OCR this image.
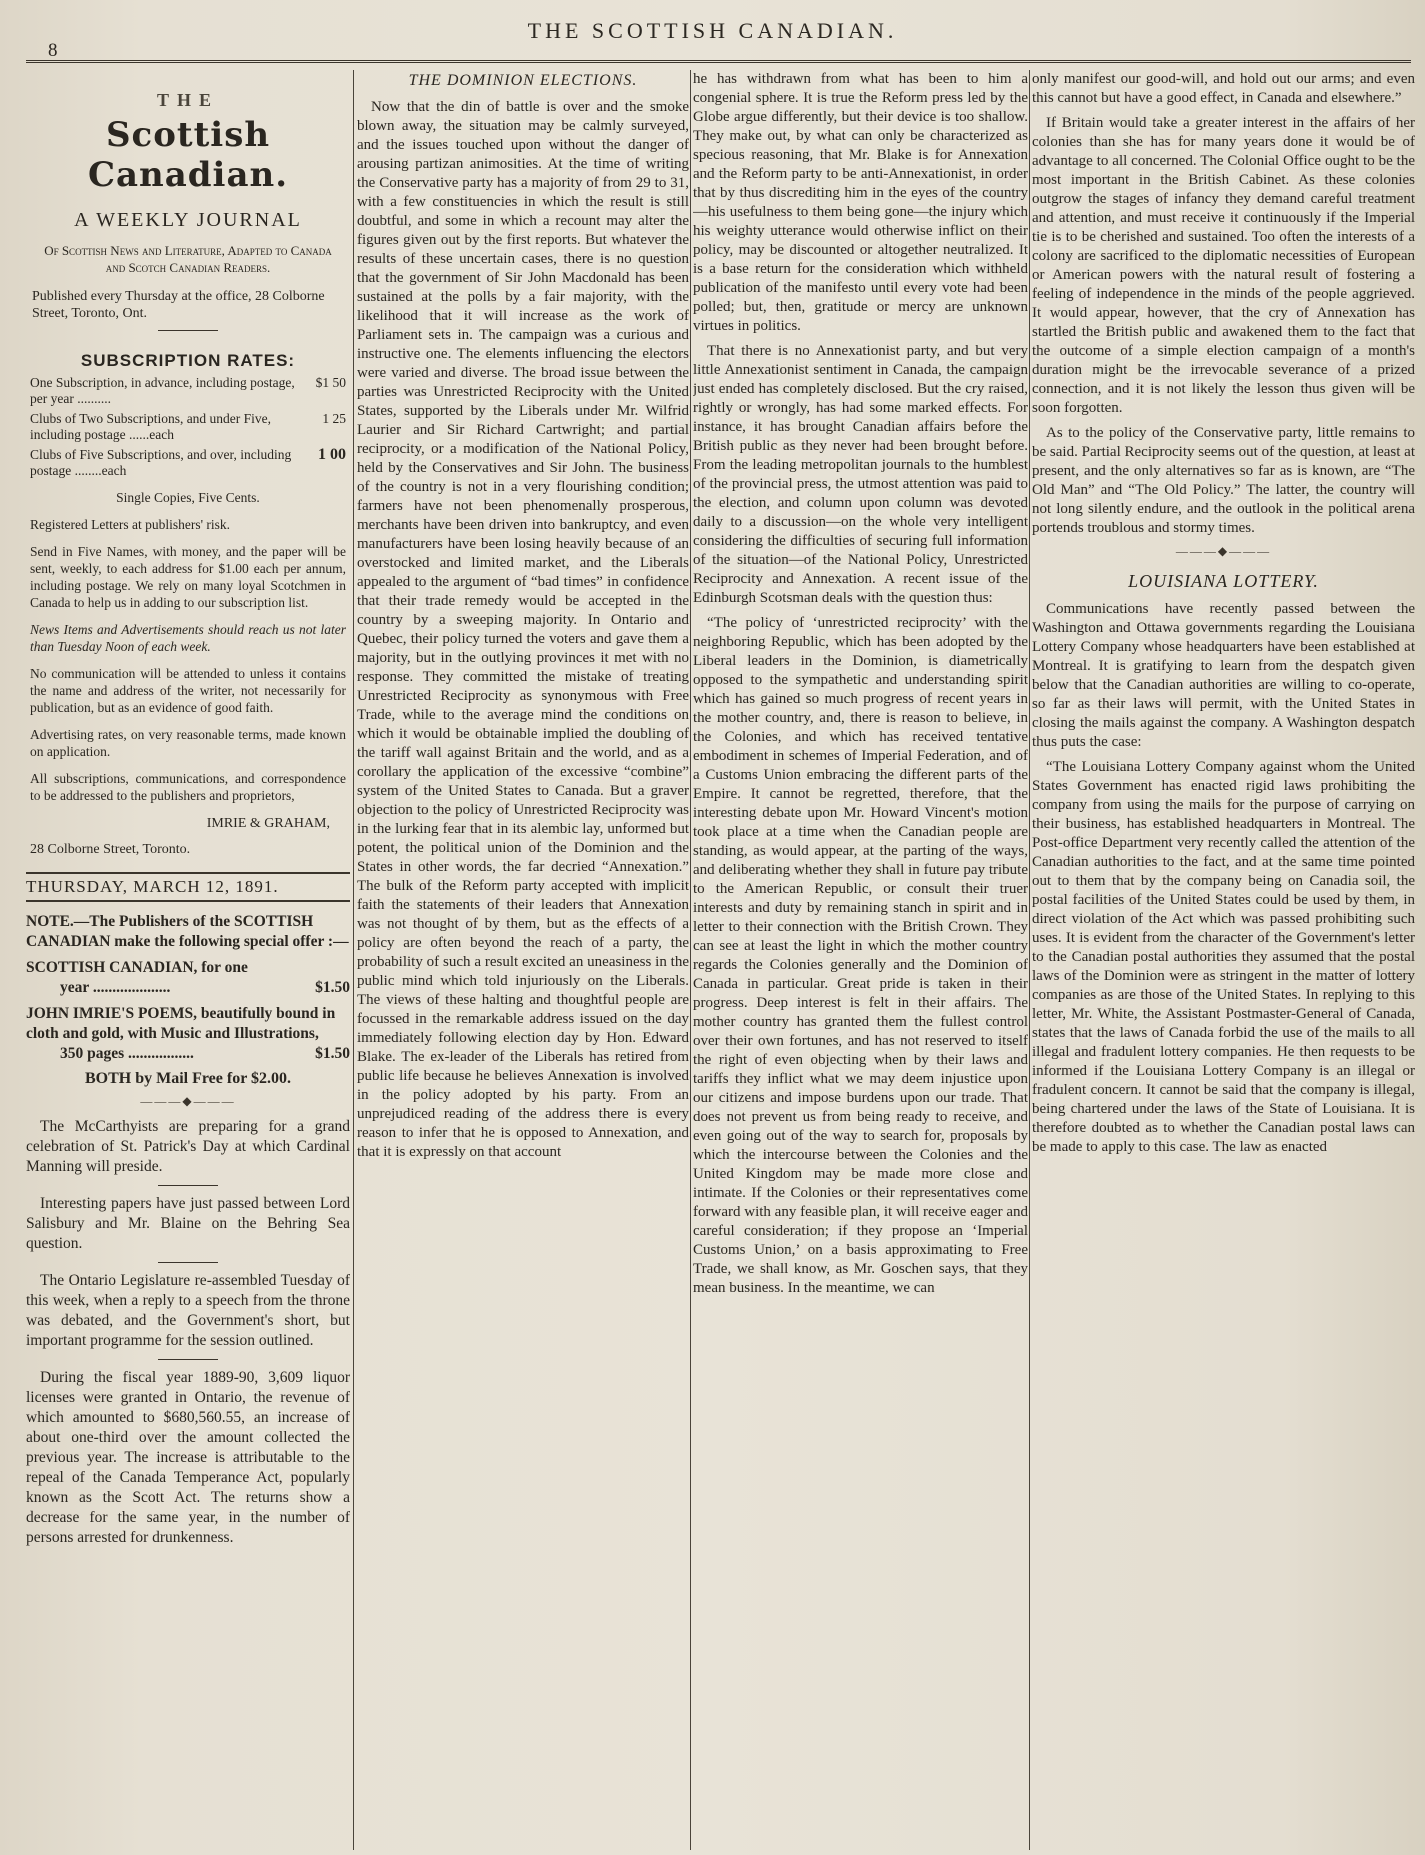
THE SCOTTISH CANADIAN.
8
THE
Scottish Canadian.
A WEEKLY JOURNAL
Of Scottish News and Literature, Adapted to Canada and Scotch Canadian Readers.
Published every Thursday at the office, 28 Colborne Street, Toronto, Ont.
SUBSCRIPTION RATES:
One Subscription, in advance, including postage, per year ..........
$1 50
Clubs of Two Subscriptions, and under Five, including postage ......each
1 25
Clubs of Five Subscriptions, and over, including postage ........each
1 00
Single Copies, Five Cents.
Registered Letters at publishers' risk.
Send in Five Names, with money, and the paper will be sent, weekly, to each address for $1.00 each per annum, including postage. We rely on many loyal Scotchmen in Canada to help us in adding to our subscription list.
News Items and Advertisements should reach us not later than Tuesday Noon of each week.
No communication will be attended to unless it contains the name and address of the writer, not necessarily for publication, but as an evidence of good faith.
Advertising rates, on very reasonable terms, made known on application.
All subscriptions, communications, and correspondence to be addressed to the publishers and proprietors,
IMRIE & GRAHAM,
28 Colborne Street, Toronto.
THURSDAY, MARCH 12, 1891.
NOTE.—The Publishers of the SCOTTISH CANADIAN make the following special offer :—
SCOTTISH CANADIAN, for one
year ....................	$1.50
JOHN IMRIE'S POEMS, beautifully bound in cloth and gold, with Music and Illustrations,
350 pages .................	$1.50
BOTH by Mail Free for $2.00.
———◆———
The McCarthyists are preparing for a grand celebration of St. Patrick's Day at which Cardinal Manning will preside.
Interesting papers have just passed between Lord Salisbury and Mr. Blaine on the Behring Sea question.
The Ontario Legislature re-assembled Tuesday of this week, when a reply to a speech from the throne was debated, and the Government's short, but important programme for the session outlined.
During the fiscal year 1889-90, 3,609 liquor licenses were granted in Ontario, the revenue of which amounted to $680,560.55, an increase of about one-third over the amount collected the previous year. The increase is attributable to the repeal of the Canada Temperance Act, popularly known as the Scott Act. The returns show a decrease for the same year, in the number of persons arrested for drunkenness.
THE DOMINION ELECTIONS.

Now that the din of battle is over and the smoke blown away, the situation may be calmly surveyed, and the issues touched upon without the danger of arousing partizan animosities. At the time of writing the Conservative party has a majority of from 29 to 31, with a few constituencies in which the result is still doubtful, and some in which a recount may alter the figures given out by the first reports. But whatever the results of these uncertain cases, there is no question that the government of Sir John Macdonald has been sustained at the polls by a fair majority, with the likelihood that it will increase as the work of Parliament sets in. The campaign was a curious and instructive one. The elements influencing the electors were varied and diverse. The broad issue between the parties was Unrestricted Reciprocity with the United States, supported by the Liberals under Mr. Wilfrid Laurier and Sir Richard Cartwright; and partial reciprocity, or a modification of the National Policy, held by the Conservatives and Sir John. The business of the country is not in a very flourishing condition; farmers have not been phenomenally prosperous, merchants have been driven into bankruptcy, and even manufacturers have been losing heavily because of an overstocked and limited market, and the Liberals appealed to the argument of “bad times” in confidence that their trade remedy would be accepted in the country by a sweeping majority. In Ontario and Quebec, their policy turned the voters and gave them a majority, but in the outlying provinces it met with no response. They committed the mistake of treating Unrestricted Reciprocity as synonymous with Free Trade, while to the average mind the conditions on which it would be obtainable implied the doubling of the tariff wall against Britain and the world, and as a corollary the application of the excessive “combine” system of the United States to Canada. But a graver objection to the policy of Unrestricted Reciprocity was in the lurking fear that in its alembic lay, unformed but potent, the political union of the Dominion and the States in other words, the far decried “Annexation.” The bulk of the Reform party accepted with implicit faith the statements of their leaders that Annexation was not thought of by them, but as the effects of a policy are often beyond the reach of a party, the probability of such a result excited an uneasiness in the public mind which told injuriously on the Liberals. The views of these halting and thoughtful people are focussed in the remarkable address issued on the day immediately following election day by Hon. Edward Blake. The ex-leader of the Liberals has retired from public life because he believes Annexation is involved in the policy adopted by his party. From an unprejudiced reading of the address there is every reason to infer that he is opposed to Annexation, and that it is expressly on that account

he has withdrawn from what has been to him a congenial sphere. It is true the Reform press led by the Globe argue differently, but their device is too shallow. They make out, by what can only be characterized as specious reasoning, that Mr. Blake is for Annexation and the Reform party to be anti-Annexationist, in order that by thus discrediting him in the eyes of the country—his usefulness to them being gone—the injury which his weighty utterance would otherwise inflict on their policy, may be discounted or altogether neutralized. It is a base return for the consideration which withheld publication of the manifesto until every vote had been polled; but, then, gratitude or mercy are unknown virtues in politics.

That there is no Annexationist party, and but very little Annexationist sentiment in Canada, the campaign just ended has completely disclosed. But the cry raised, rightly or wrongly, has had some marked effects. For instance, it has brought Canadian affairs before the British public as they never had been brought before. From the leading metropolitan journals to the humblest of the provincial press, the utmost attention was paid to the election, and column upon column was devoted daily to a discussion—on the whole very intelligent considering the difficulties of securing full information of the situation—of the National Policy, Unrestricted Reciprocity and Annexation. A recent issue of the Edinburgh Scotsman deals with the question thus:

“The policy of ‘unrestricted reciprocity’ with the neighboring Republic, which has been adopted by the Liberal leaders in the Dominion, is diametrically opposed to the sympathetic and understanding spirit which has gained so much progress of recent years in the mother country, and, there is reason to believe, in the Colonies, and which has received tentative embodiment in schemes of Imperial Federation, and of a Customs Union embracing the different parts of the Empire. It cannot be regretted, therefore, that the interesting debate upon Mr. Howard Vincent's motion took place at a time when the Canadian people are standing, as would appear, at the parting of the ways, and deliberating whether they shall in future pay tribute to the American Republic, or consult their truer interests and duty by remaining stanch in spirit and in letter to their connection with the British Crown. They can see at least the light in which the mother country regards the Colonies generally and the Dominion of Canada in particular. Great pride is taken in their progress. Deep interest is felt in their affairs. The mother country has granted them the fullest control over their own fortunes, and has not reserved to itself the right of even objecting when by their laws and tariffs they inflict what we may deem injustice upon our citizens and impose burdens upon our trade. That does not prevent us from being ready to receive, and even going out of the way to search for, proposals by which the intercourse between the Colonies and the United Kingdom may be made more close and intimate. If the Colonies or their representatives come forward with any feasible plan, it will receive eager and careful consideration; if they propose an ‘Imperial Customs Union,’ on a basis approximating to Free Trade, we shall know, as Mr. Goschen says, that they mean business. In the meantime, we can

only manifest our good-will, and hold out our arms; and even this cannot but have a good effect, in Canada and elsewhere.”

If Britain would take a greater interest in the affairs of her colonies than she has for many years done it would be of advantage to all concerned. The Colonial Office ought to be the most important in the British Cabinet. As these colonies outgrow the stages of infancy they demand careful treatment and attention, and must receive it continuously if the Imperial tie is to be cherished and sustained. Too often the interests of a colony are sacrificed to the diplomatic necessities of European or American powers with the natural result of fostering a feeling of independence in the minds of the people aggrieved. It would appear, however, that the cry of Annexation has startled the British public and awakened them to the fact that the outcome of a simple election campaign of a month's duration might be the irrevocable severance of a prized connection, and it is not likely the lesson thus given will be soon forgotten.

As to the policy of the Conservative party, little remains to be said. Partial Reciprocity seems out of the question, at least at present, and the only alternatives so far as is known, are “The Old Man” and “The Old Policy.” The latter, the country will not long silently endure, and the outlook in the political arena portends troublous and stormy times.

———◆———
LOUISIANA LOTTERY.

Communications have recently passed between the Washington and Ottawa governments regarding the Louisiana Lottery Company whose headquarters have been established at Montreal. It is gratifying to learn from the despatch given below that the Canadian authorities are willing to co-operate, so far as their laws will permit, with the United States in closing the mails against the company. A Washington despatch thus puts the case:

“The Louisiana Lottery Company against whom the United States Government has enacted rigid laws prohibiting the company from using the mails for the purpose of carrying on their business, has established headquarters in Montreal. The Post-office Department very recently called the attention of the Canadian authorities to the fact, and at the same time pointed out to them that by the company being on Canadia soil, the postal facilities of the United States could be used by them, in direct violation of the Act which was passed prohibiting such uses. It is evident from the character of the Government's letter to the Canadian postal authorities they assumed that the postal laws of the Dominion were as stringent in the matter of lottery companies as are those of the United States. In replying to this letter, Mr. White, the Assistant Postmaster-General of Canada, states that the laws of Canada forbid the use of the mails to all illegal and fradulent lottery companies. He then requests to be informed if the Louisiana Lottery Company is an illegal or fradulent concern. It cannot be said that the company is illegal, being chartered under the laws of the State of Louisiana. It is therefore doubted as to whether the Canadian postal laws can be made to apply to this case. The law as enacted
